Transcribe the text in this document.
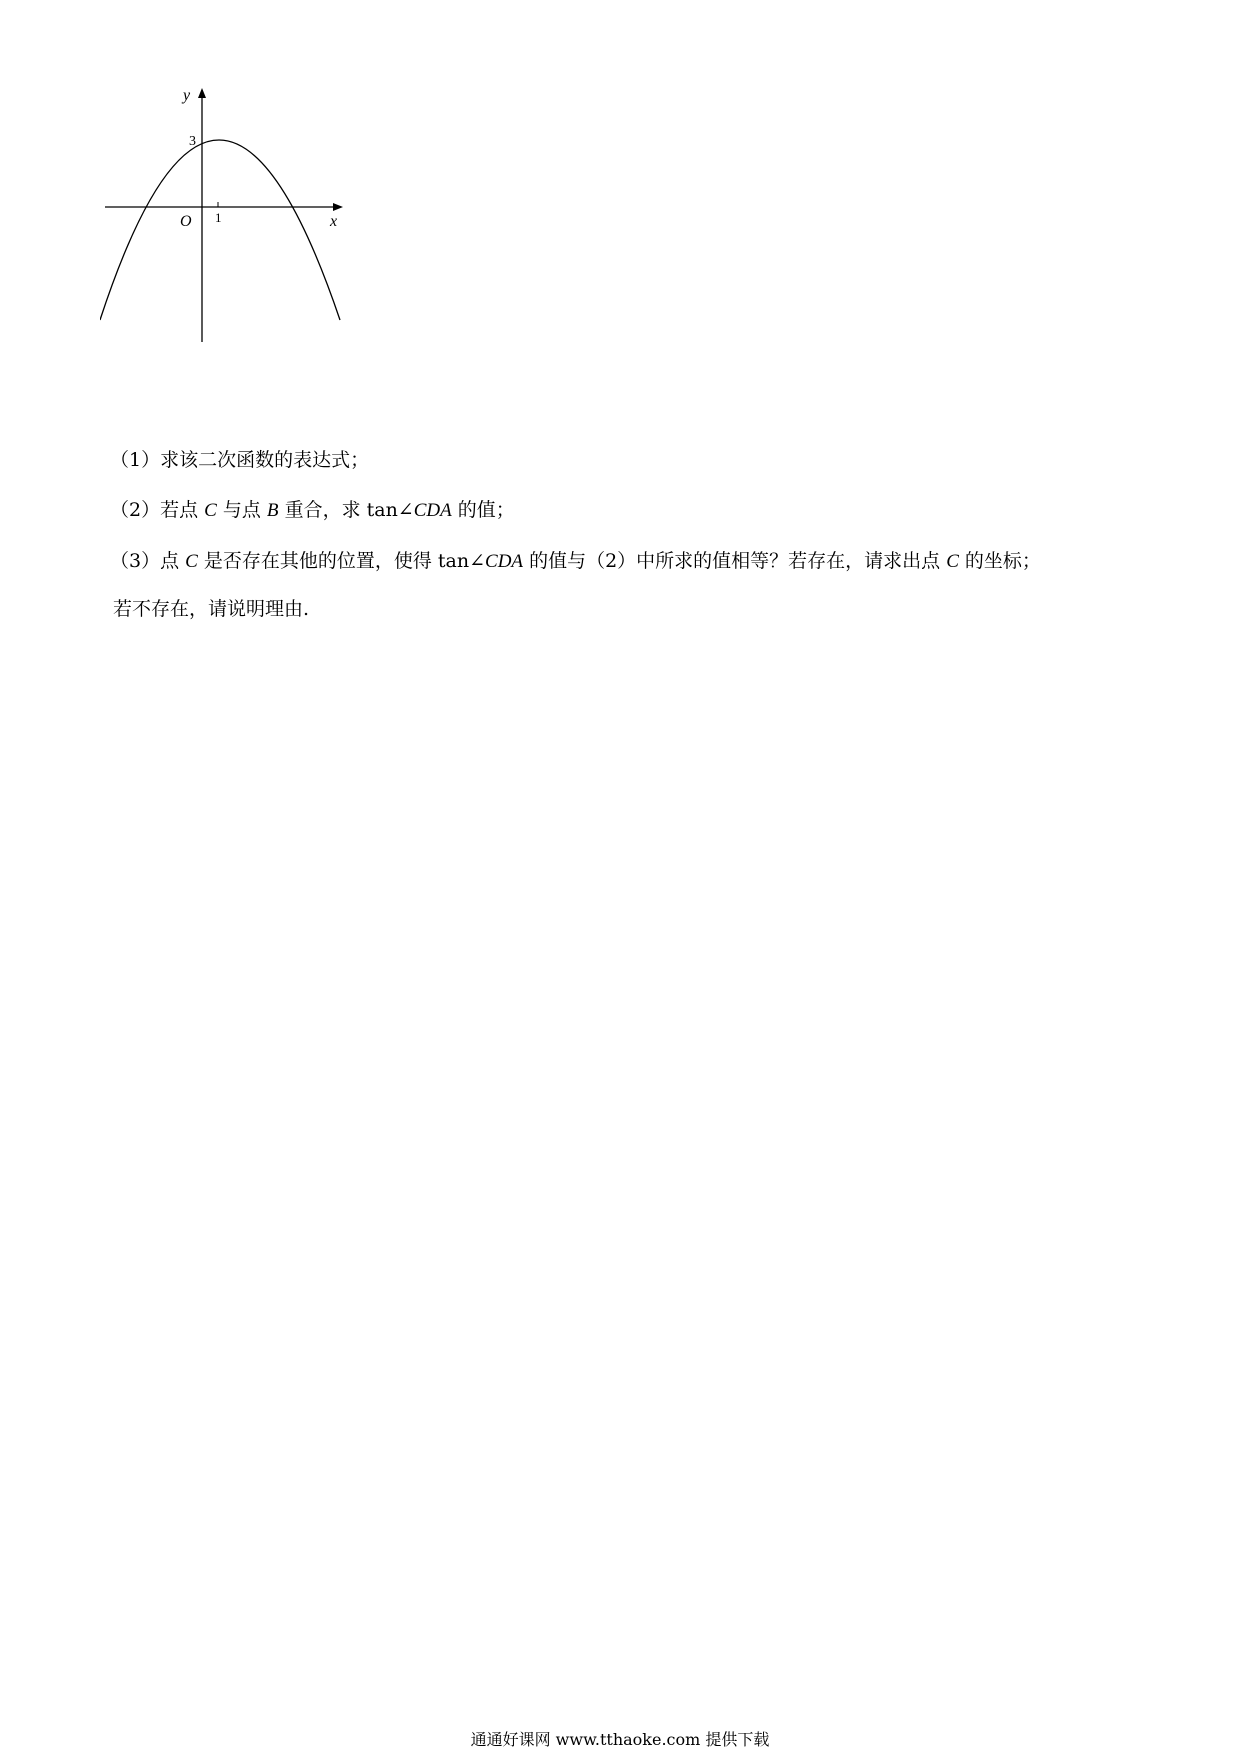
y
x
O
3
1
（1）求该二次函数的表达式；
（2）若点 C 与点 B 重合，求 tan∠CDA 的值；
（3）点 C 是否存在其他的位置，使得 tan∠CDA 的值与（2）中所求的值相等？若存在，请求出点 C 的坐标；
若不存在，请说明理由.
通通好课网 www.tthaoke.com 提供下载
